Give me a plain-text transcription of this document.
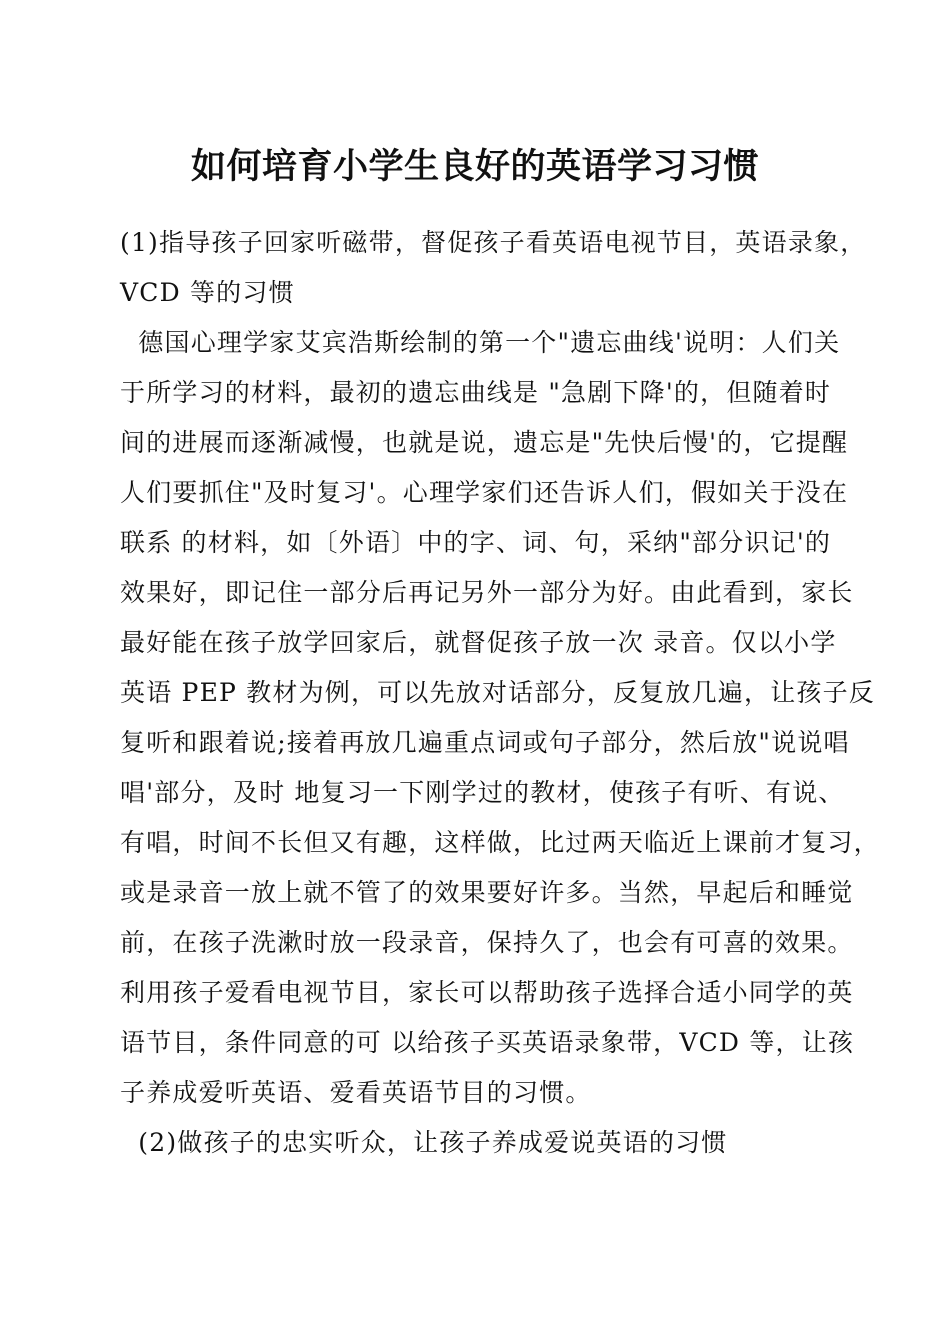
如何培育小学生良好的英语学习习惯
(1)指导孩子回家听磁带，督促孩子看英语电视节目，英语录象，
VCD 等的习惯
德国心理学家艾宾浩斯绘制的第一个"遗忘曲线'说明：人们关
于所学习的材料，最初的遗忘曲线是 "急剧下降'的，但随着时
间的进展而逐渐减慢，也就是说，遗忘是"先快后慢'的，它提醒
人们要抓住"及时复习'。心理学家们还告诉人们，假如关于没在
联系 的材料，如〔外语〕中的字、词、句，采纳"部分识记'的
效果好，即记住一部分后再记另外一部分为好。由此看到，家长
最好能在孩子放学回家后，就督促孩子放一次 录音。仅以小学
英语 PEP 教材为例，可以先放对话部分，反复放几遍，让孩子反
复听和跟着说;接着再放几遍重点词或句子部分，然后放"说说唱
唱'部分，及时 地复习一下刚学过的教材，使孩子有听、有说、
有唱，时间不长但又有趣，这样做，比过两天临近上课前才复习，
或是录音一放上就不管了的效果要好许多。当然，早起后和睡觉
前，在孩子洗漱时放一段录音，保持久了，也会有可喜的效果。
利用孩子爱看电视节目，家长可以帮助孩子选择合适小同学的英
语节目，条件同意的可 以给孩子买英语录象带，VCD 等，让孩
子养成爱听英语、爱看英语节目的习惯。
(2)做孩子的忠实听众，让孩子养成爱说英语的习惯
